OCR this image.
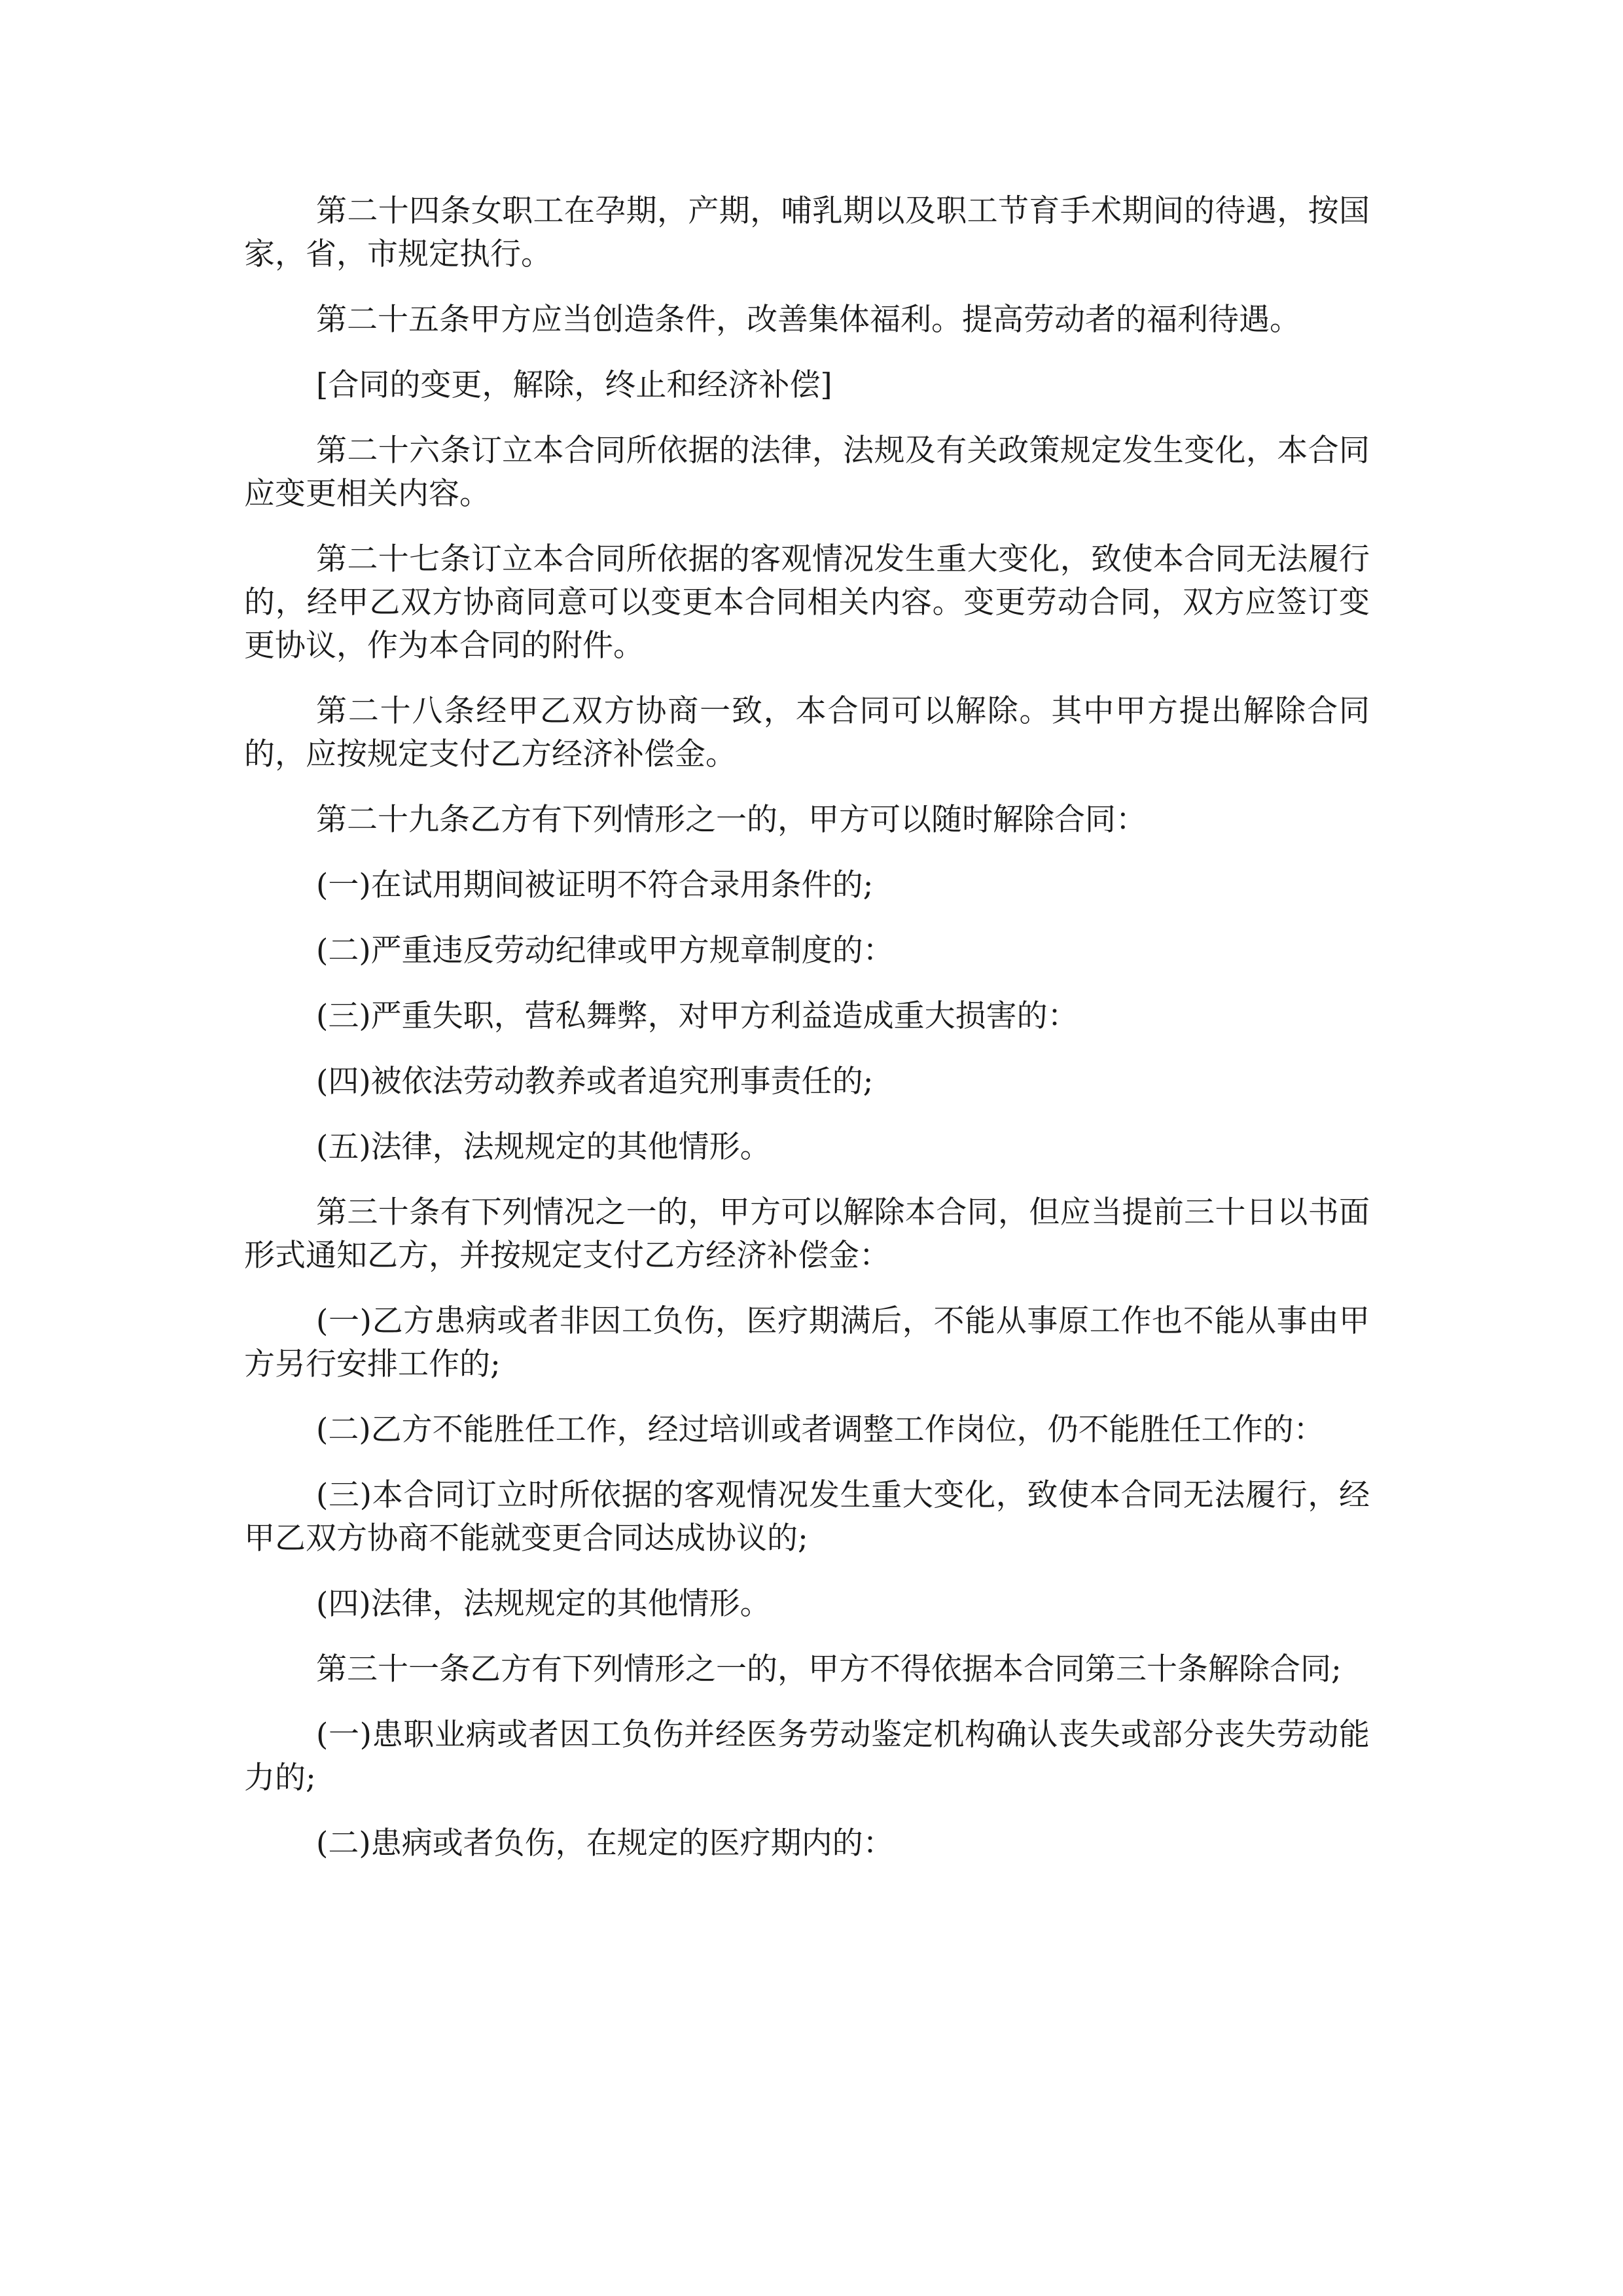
第二十四条女职工在孕期，产期，哺乳期以及职工节育手术期间的待遇，按国家，省，市规定执行。

第二十五条甲方应当创造条件，改善集体福利。提高劳动者的福利待遇。

[合同的变更，解除，终止和经济补偿]

第二十六条订立本合同所依据的法律，法规及有关政策规定发生变化，本合同应变更相关内容。

第二十七条订立本合同所依据的客观情况发生重大变化，致使本合同无法履行的，经甲乙双方协商同意可以变更本合同相关内容。变更劳动合同，双方应签订变更协议，作为本合同的附件。

第二十八条经甲乙双方协商一致，本合同可以解除。其中甲方提出解除合同的，应按规定支付乙方经济补偿金。

第二十九条乙方有下列情形之一的，甲方可以随时解除合同：

(一)在试用期间被证明不符合录用条件的;

(二)严重违反劳动纪律或甲方规章制度的：

(三)严重失职，营私舞弊，对甲方利益造成重大损害的：

(四)被依法劳动教养或者追究刑事责任的;

(五)法律，法规规定的其他情形。

第三十条有下列情况之一的，甲方可以解除本合同，但应当提前三十日以书面形式通知乙方，并按规定支付乙方经济补偿金：

(一)乙方患病或者非因工负伤，医疗期满后，不能从事原工作也不能从事由甲方另行安排工作的;

(二)乙方不能胜任工作，经过培训或者调整工作岗位，仍不能胜任工作的：

(三)本合同订立时所依据的客观情况发生重大变化，致使本合同无法履行，经甲乙双方协商不能就变更合同达成协议的;

(四)法律，法规规定的其他情形。

第三十一条乙方有下列情形之一的，甲方不得依据本合同第三十条解除合同;

(一)患职业病或者因工负伤并经医务劳动鉴定机构确认丧失或部分丧失劳动能力的;

(二)患病或者负伤，在规定的医疗期内的：
